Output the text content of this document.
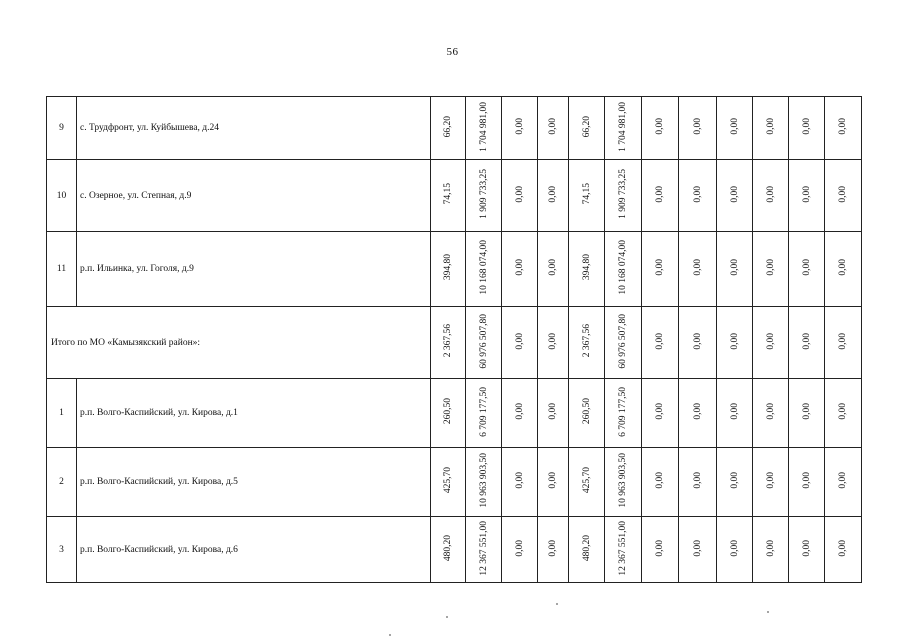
56
9	с. Трудфронт, ул. Куйбышева, д.24	66,20	1 704 981,00	0,00	0,00	66,20	1 704 981,00	0,00	0,00	0,00	0,00	0,00	0,00
10	с. Озерное, ул. Степная, д.9	74,15	1 909 733,25	0,00	0,00	74,15	1 909 733,25	0,00	0,00	0,00	0,00	0,00	0,00
11	р.п. Ильинка, ул. Гоголя, д.9	394,80	10 168 074,00	0,00	0,00	394,80	10 168 074,00	0,00	0,00	0,00	0,00	0,00	0,00
Итого по МО «Камызякский район»:		2 367,56	60 976 507,80	0,00	0,00	2 367,56	60 976 507,80	0,00	0,00	0,00	0,00	0,00	0,00
1	р.п. Волго-Каспийский, ул. Кирова, д.1	260,50	6 709 177,50	0,00	0,00	260,50	6 709 177,50	0,00	0,00	0,00	0,00	0,00	0,00
2	р.п. Волго-Каспийский, ул. Кирова, д.5	425,70	10 963 903,50	0,00	0,00	425,70	10 963 903,50	0,00	0,00	0,00	0,00	0,00	0,00
3	р.п. Волго-Каспийский, ул. Кирова, д.6	480,20	12 367 551,00	0,00	0,00	480,20	12 367 551,00	0,00	0,00	0,00	0,00	0,00	0,00
